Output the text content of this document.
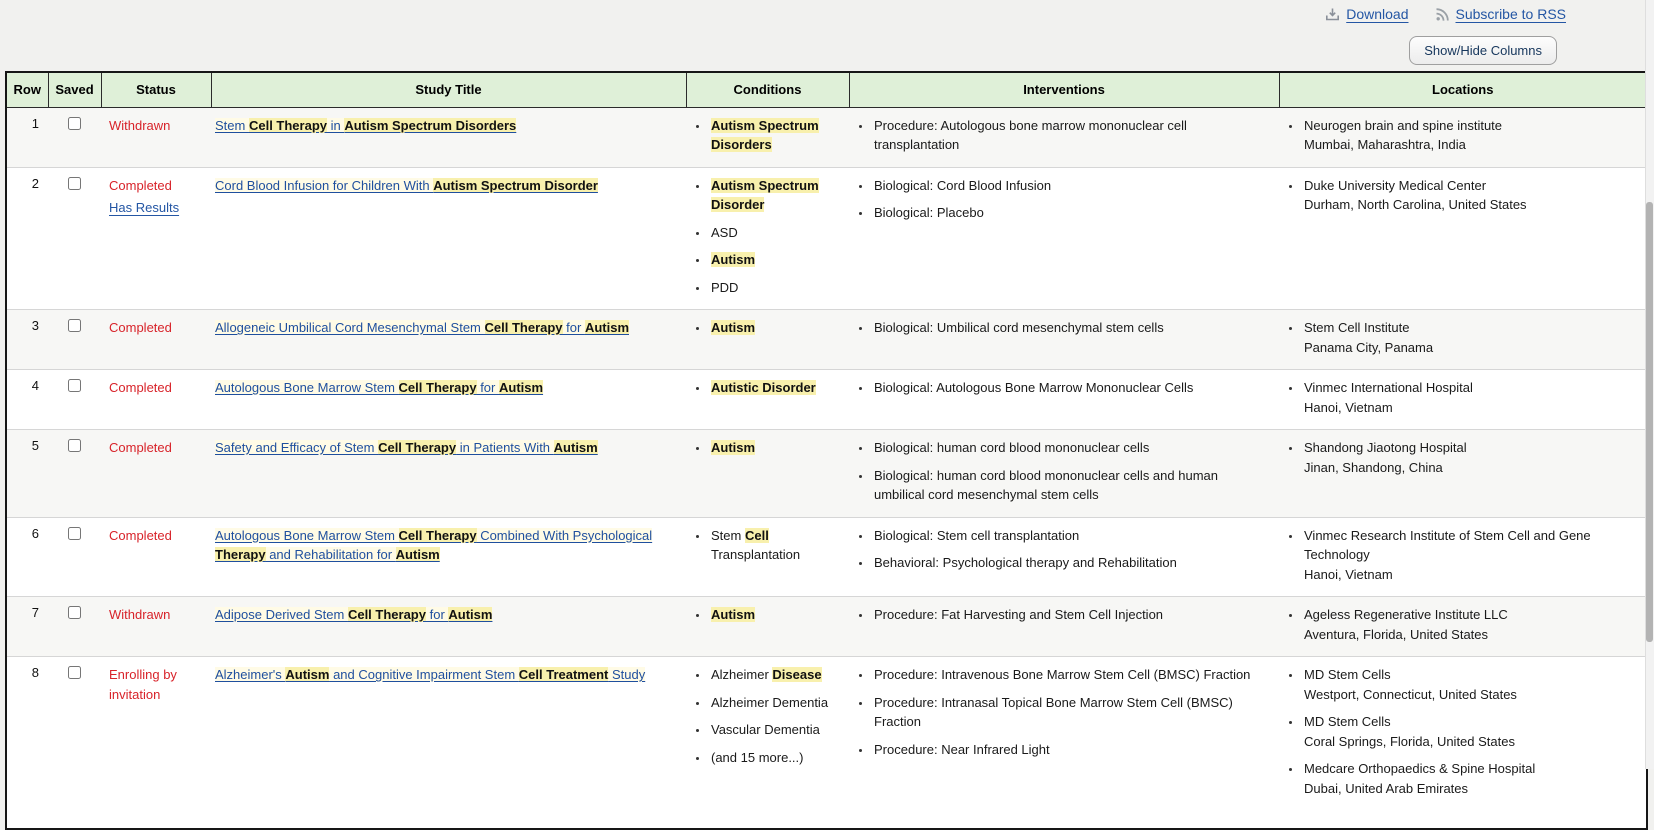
Download	Subscribe to RSS
Show/Hide Columns
Row	Saved	Status	Study Title	Conditions	Interventions	Locations
1		Withdrawn	Stem Cell Therapy in Autism Spectrum Disorders	
•Autism Spectrum Disorders

• Procedure: Autologous bone marrow mononuclear cell transplantation

• Neurogen brain and spine institute
Mumbai, Maharashtra, India

2		Completed
Has Results	Cord Blood Infusion for Children With Autism Spectrum Disorder	
•Autism Spectrum Disorder
• ASD
• Autism
• PDD

• Biological: Cord Blood Infusion
• Biological: Placebo

• Duke University Medical Center
Durham, North Carolina, United States

3		Completed	Allogeneic Umbilical Cord Mesenchymal Stem Cell Therapy for Autism	
•Autism

•Biological: Umbilical cord mesenchymal stem cells

•Stem Cell Institute
Panama City, Panama

4		Completed	Autologous Bone Marrow Stem Cell Therapy for Autism	
•Autistic Disorder

•Biological: Autologous Bone Marrow Mononuclear Cells

•Vinmec International Hospital
Hanoi, Vietnam

5		Completed	Safety and Efficacy of Stem Cell Therapy in Patients With Autism	
•Autism

•Biological: human cord blood mononuclear cells
• Biological: human cord blood mononuclear cells and human umbilical cord mesenchymal stem cells

• Shandong Jiaotong Hospital
Jinan, Shandong, China

6		Completed	Autologous Bone Marrow Stem Cell Therapy Combined With Psychological Therapy and Rehabilitation for Autism	
• Stem Cell Transplantation

• Biological: Stem cell transplantation
• Behavioral: Psychological therapy and Rehabilitation

• Vinmec Research Institute of Stem Cell and Gene Technology
Hanoi, Vietnam

7		Withdrawn	Adipose Derived Stem Cell Therapy for Autism	
•Autism

•Procedure: Fat Harvesting and Stem Cell Injection

•Ageless Regenerative Institute LLC
Aventura, Florida, United States

8		Enrolling by invitation
	Alzheimer's Autism and Cognitive Impairment Stem Cell Treatment Study	
•Alzheimer Disease
• Alzheimer Dementia
• Vascular Dementia
• (and 15 more...)

• Procedure: Intravenous Bone Marrow Stem Cell (BMSC) Fraction
• Procedure: Intranasal Topical Bone Marrow Stem Cell (BMSC) Fraction
• Procedure: Near Infrared Light

• MD Stem Cells
Westport, Connecticut, United States
• MD Stem Cells
Coral Springs, Florida, United States
• Medcare Orthopaedics & Spine Hospital
Dubai, United Arab Emirates
